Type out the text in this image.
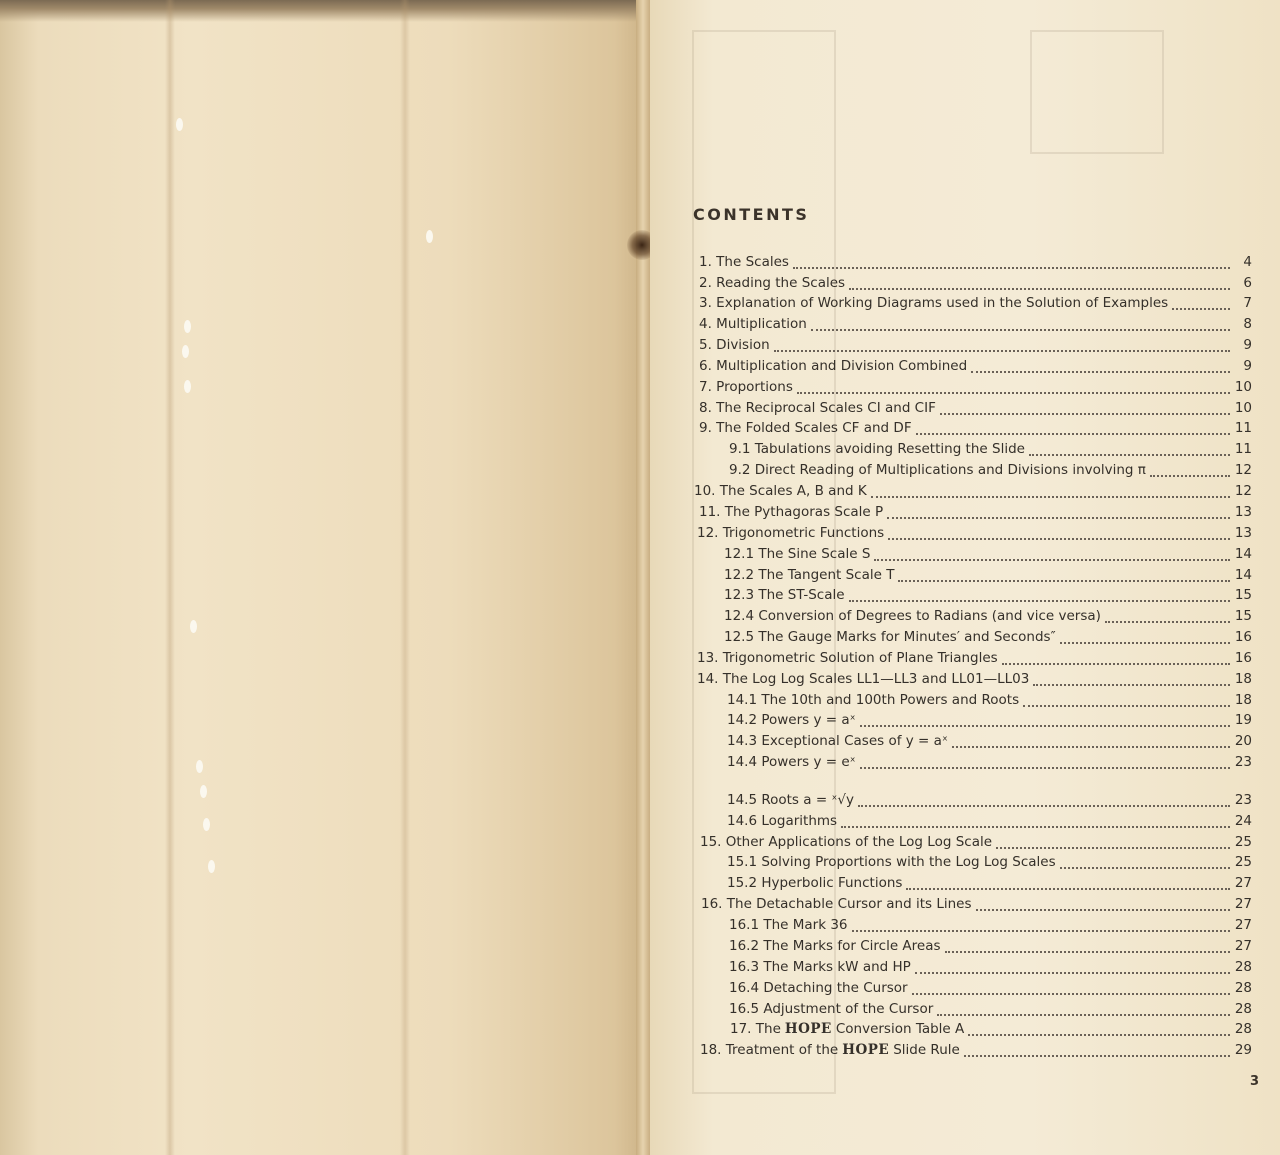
CONTENTS
1. The Scales	4
2. Reading the Scales	6
3. Explanation of Working Diagrams used in the Solution of Examples	7
4. Multiplication	8
5. Division	9
6. Multiplication and Division Combined	9
7. Proportions	10
8. The Reciprocal Scales CI and CIF	10
9. The Folded Scales CF and DF	11
9.1 Tabulations avoiding Resetting the Slide	11
9.2 Direct Reading of Multiplications and Divisions involving π	12
10. The Scales A, B and K	12
11. The Pythagoras Scale P	13
12. Trigonometric Functions	13
12.1 The Sine Scale S	14
12.2 The Tangent Scale T	14
12.3 The ST-Scale	15
12.4 Conversion of Degrees to Radians (and vice versa)	15
12.5 The Gauge Marks for Minutes′ and Seconds″	16
13. Trigonometric Solution of Plane Triangles	16
14. The Log Log Scales LL1—LL3 and LL01—LL03	18
14.1 The 10th and 100th Powers and Roots	18
14.2 Powers y = aˣ	19
14.3 Exceptional Cases of y = aˣ	20
14.4 Powers y = eˣ	23
14.5 Roots a = ˣ√y	23
14.6 Logarithms	24
15. Other Applications of the Log Log Scale	25
15.1 Solving Proportions with the Log Log Scales	25
15.2 Hyperbolic Functions	27
16. The Detachable Cursor and its Lines	27
16.1 The Mark 36	27
16.2 The Marks for Circle Areas	27
16.3 The Marks kW and HP	28
16.4 Detaching the Cursor	28
16.5 Adjustment of the Cursor	28
17. The HOPE Conversion Table A	28
18. Treatment of the HOPE Slide Rule	29
3
